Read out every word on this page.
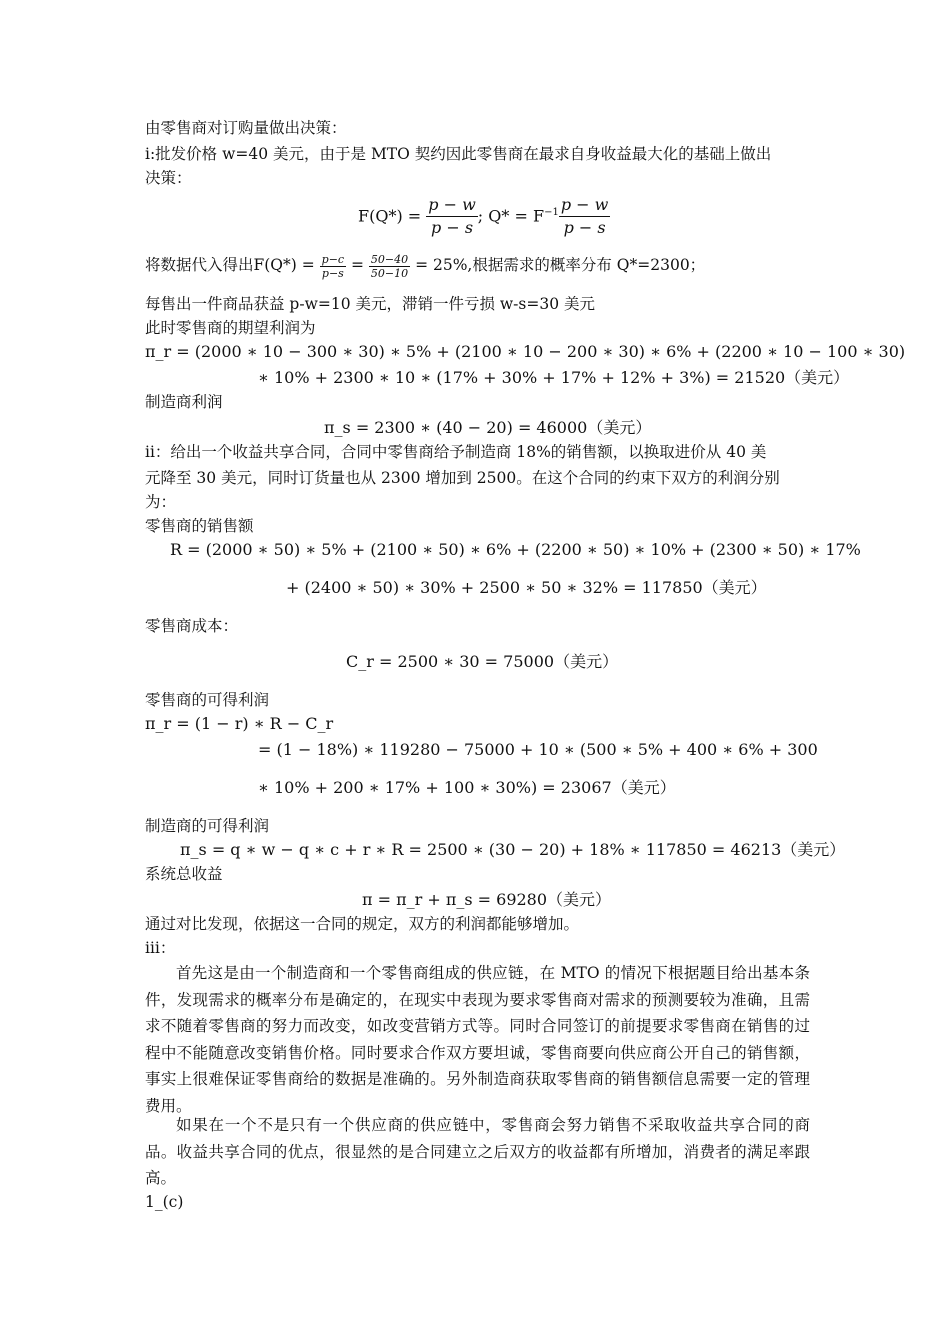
由零售商对订购量做出决策：
ⅰ:批发价格 w=40 美元，由于是 MTO 契约因此零售商在最求自身收益最大化的基础上做出
决策：
$F(Q*) = \frac{p - w}{p - s}$ ; $Q* = F^{-1} \frac{p - w}{p - s}$
将数据代入得出$F(Q*) = \frac{p-c}{p-s} = \frac{50-40}{50-10} = 25\%$,根据需求的概率分布 Q*=2300；
每售出一件商品获益 p-w=10 美元，滞销一件亏损 w-s=30 美元
此时零售商的期望利润为
π_r = (2000 ∗ 10 − 300 ∗ 30) ∗ 5% + (2100 ∗ 10 − 200 ∗ 30) ∗ 6% + (2200 ∗ 10 − 100 ∗ 30)
∗ 10% + 2300 ∗ 10 ∗ (17% + 30% + 17% + 12% + 3%) = 21520（美元）
制造商利润
π_s = 2300 ∗ (40 − 20) = 46000（美元）
ⅱ：给出一个收益共享合同，合同中零售商给予制造商 18%的销售额，以换取进价从 40 美
元降至 30 美元，同时订货量也从 2300 增加到 2500。在这个合同的约束下双方的利润分别
为：
零售商的销售额
R = (2000 ∗ 50) ∗ 5% + (2100 ∗ 50) ∗ 6% + (2200 ∗ 50) ∗ 10% + (2300 ∗ 50) ∗ 17%
+ (2400 ∗ 50) ∗ 30% + 2500 ∗ 50 ∗ 32% = 117850（美元）
零售商成本：
C_r = 2500 ∗ 30 = 75000（美元）
零售商的可得利润
π_r = (1 − r) ∗ R − C_r
= (1 − 18%) ∗ 119280 − 75000 + 10 ∗ (500 ∗ 5% + 400 ∗ 6% + 300
∗ 10% + 200 ∗ 17% + 100 ∗ 30%) = 23067（美元）
制造商的可得利润
π_s = q ∗ w − q ∗ c + r ∗ R = 2500 ∗ (30 − 20) + 18% ∗ 117850 = 46213（美元）
系统总收益
π = π_r + π_s = 69280（美元）
通过对比发现，依据这一合同的规定，双方的利润都能够增加。
ⅲ：
首先这是由一个制造商和一个零售商组成的供应链，在 MTO 的情况下根据题目给出基本条件，发现需求的概率分布是确定的，在现实中表现为要求零售商对需求的预测要较为准确，且需求不随着零售商的努力而改变，如改变营销方式等。同时合同签订的前提要求零售商在销售的过程中不能随意改变销售价格。同时要求合作双方要坦诚，零售商要向供应商公开自己的销售额，事实上很难保证零售商给的数据是准确的。另外制造商获取零售商的销售额信息需要一定的管理费用。
如果在一个不是只有一个供应商的供应链中，零售商会努力销售不采取收益共享合同的商品。收益共享合同的优点，很显然的是合同建立之后双方的收益都有所增加，消费者的满足率跟高。
1_(c)
